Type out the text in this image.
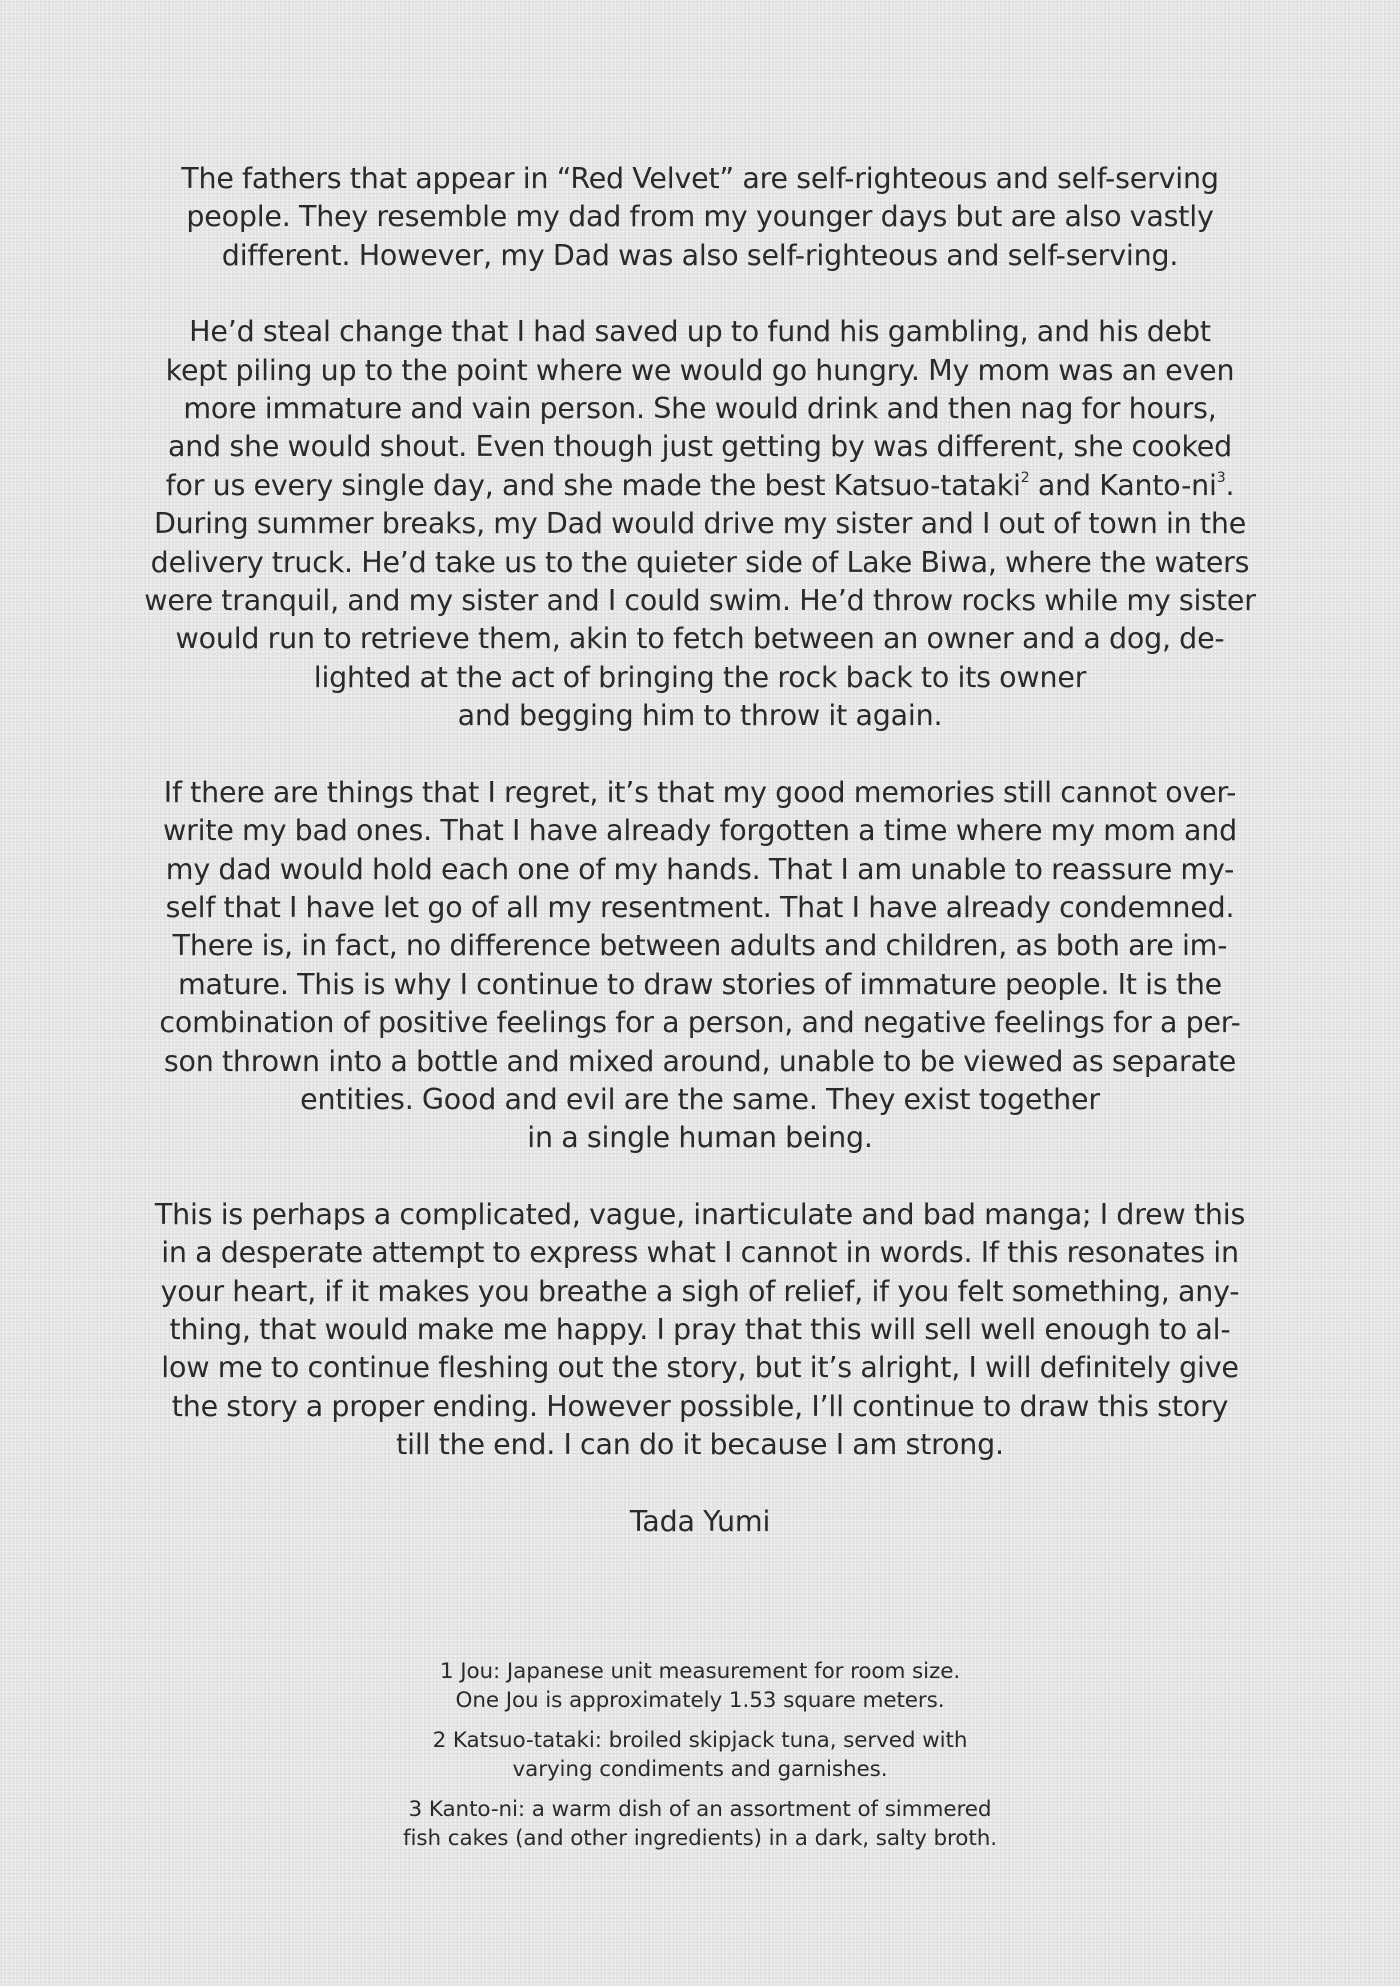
The fathers that appear in “Red Velvet” are self-righteous and self-serving
people. They resemble my dad from my younger days but are also vastly
different. However, my Dad was also self-righteous and self-serving.

He’d steal change that I had saved up to fund his gambling, and his debt
kept piling up to the point where we would go hungry. My mom was an even
more immature and vain person. She would drink and then nag for hours,
and she would shout. Even though just getting by was different, she cooked
for us every single day, and she made the best Katsuo-tataki$^2$ and Kanto-$ni^3$.
During summer breaks, my Dad would drive my sister and I out of town in the
delivery truck. He’d take us to the quieter side of Lake Biwa, where the waters
were tranquil, and my sister and I could swim. He’d throw rocks while my sister
would run to retrieve them, akin to fetch between an owner and a dog, de-
lighted at the act of bringing the rock back to its owner
and begging him to throw it again.

If there are things that I regret, it’s that my good memories still cannot over-
write my bad ones. That I have already forgotten a time where my mom and
my dad would hold each one of my hands. That I am unable to reassure my-
self that I have let go of all my resentment. That I have already condemned.
There is, in fact, no difference between adults and children, as both are im-
mature. This is why I continue to draw stories of immature people. It is the
combination of positive feelings for a person, and negative feelings for a per-
son thrown into a bottle and mixed around, unable to be viewed as separate
entities. Good and evil are the same. They exist together
in a single human being.

This is perhaps a complicated, vague, inarticulate and bad manga; I drew this
in a desperate attempt to express what I cannot in words. If this resonates in
your heart, if it makes you breathe a sigh of relief, if you felt something, any-
thing, that would make me happy. I pray that this will sell well enough to al-
low me to continue fleshing out the story, but it’s alright, I will definitely give
the story a proper ending. However possible, I’ll continue to draw this story
till the end. I can do it because I am strong.

Tada Yumi

1 Jou: Japanese unit measurement for room size.
One Jou is approximately 1.53 square meters.

2 Katsuo-tataki: broiled skipjack tuna, served with
varying condiments and garnishes.

3 Kanto-ni: a warm dish of an assortment of simmered
fish cakes (and other ingredients) in a dark, salty broth.
